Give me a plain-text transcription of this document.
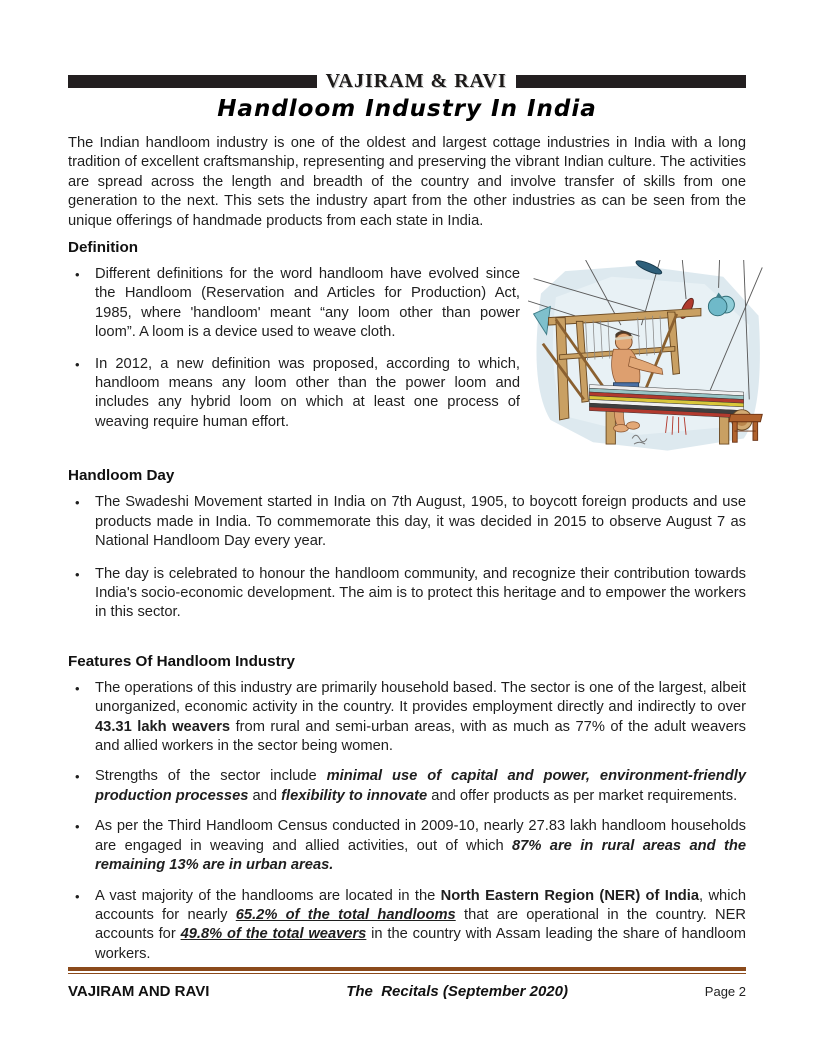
VAJIRAM & RAVI
Handloom Industry In India
The Indian handloom industry is one of the oldest and largest cottage industries in India with a long tradition of excellent craftsmanship, representing and preserving the vibrant Indian culture. The activities are spread across the length and breadth of the country and involve transfer of skills from one generation to the next. This sets the industry apart from the other industries as can be seen from the unique offerings of handmade products from each state in India.
Definition
•	Different definitions for the word handloom have evolved since the Handloom (Reservation and Articles for Production) Act, 1985, where 'handloom' meant “any loom other than power loom”. A loom is a device used to weave cloth.
•	In 2012, a new definition was proposed, according to which, handloom means any loom other than the power loom and includes any hybrid loom on which at least one process of weaving require human effort.
Handloom Day
•	The Swadeshi Movement started in India on 7th August, 1905, to boycott foreign products and use products made in India. To commemorate this day, it was decided in 2015 to observe August 7 as National Handloom Day every year.
•	The day is celebrated to honour the handloom community, and recognize their contribution towards India's socio-economic development. The aim is to protect this heritage and to empower the workers in this sector.
Features Of Handloom Industry
•	The operations of this industry are primarily household based. The sector is one of the largest, albeit unorganized, economic activity in the country. It provides employment directly and indirectly to over 43.31 lakh weavers from rural and semi-urban areas, with as much as 77% of the adult weavers and allied workers in the sector being women.
•	Strengths of the sector include minimal use of capital and power, environment-friendly production processes and flexibility to innovate and offer products as per market requirements.
•	As per the Third Handloom Census conducted in 2009-10, nearly 27.83 lakh handloom households are engaged in weaving and allied activities, out of which 87% are in rural areas and the remaining 13% are in urban areas.
•	A vast majority of the handlooms are located in the North Eastern Region (NER) of India, which accounts for nearly 65.2% of the total handlooms that are operational in the country. NER accounts for 49.8% of the total weavers in the country with Assam leading the share of handloom workers.
VAJIRAM AND RAVI	The  Recitals (September 2020)	Page 2
